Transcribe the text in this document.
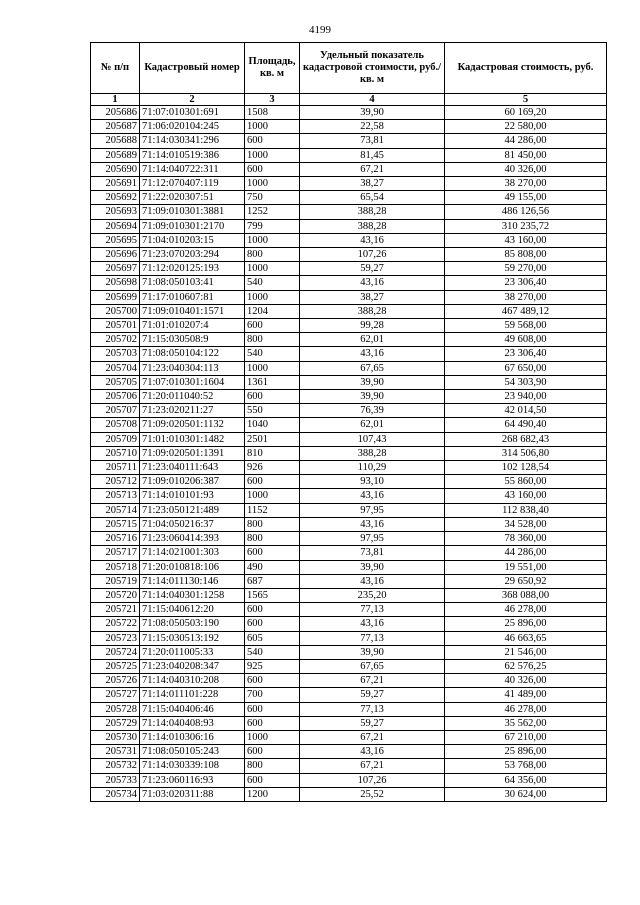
4199
№ п/п	Кадастровый номер	Площадь, кв. м	Удельный показатель кадастровой стоимости, руб./кв. м	Кадастровая стоимость, руб.
1	2	3	4	5
205686	71:07:010301:691	1508	39,90	60 169,20
205687	71:06:020104:245	1000	22,58	22 580,00
205688	71:14:030341:296	600	73,81	44 286,00
205689	71:14:010519:386	1000	81,45	81 450,00
205690	71:14:040722:311	600	67,21	40 326,00
205691	71:12:070407:119	1000	38,27	38 270,00
205692	71:22:020307:51	750	65,54	49 155,00
205693	71:09:010301:3881	1252	388,28	486 126,56
205694	71:09:010301:2170	799	388,28	310 235,72
205695	71:04:010203:15	1000	43,16	43 160,00
205696	71:23:070203:294	800	107,26	85 808,00
205697	71:12:020125:193	1000	59,27	59 270,00
205698	71:08:050103:41	540	43,16	23 306,40
205699	71:17:010607:81	1000	38,27	38 270,00
205700	71:09:010401:1571	1204	388,28	467 489,12
205701	71:01:010207:4	600	99,28	59 568,00
205702	71:15:030508:9	800	62,01	49 608,00
205703	71:08:050104:122	540	43,16	23 306,40
205704	71:23:040304:113	1000	67,65	67 650,00
205705	71:07:010301:1604	1361	39,90	54 303,90
205706	71:20:011040:52	600	39,90	23 940,00
205707	71:23:020211:27	550	76,39	42 014,50
205708	71:09:020501:1132	1040	62,01	64 490,40
205709	71:01:010301:1482	2501	107,43	268 682,43
205710	71:09:020501:1391	810	388,28	314 506,80
205711	71:23:040111:643	926	110,29	102 128,54
205712	71:09:010206:387	600	93,10	55 860,00
205713	71:14:010101:93	1000	43,16	43 160,00
205714	71:23:050121:489	1152	97,95	112 838,40
205715	71:04:050216:37	800	43,16	34 528,00
205716	71:23:060414:393	800	97,95	78 360,00
205717	71:14:021001:303	600	73,81	44 286,00
205718	71:20:010818:106	490	39,90	19 551,00
205719	71:14:011130:146	687	43,16	29 650,92
205720	71:14:040301:1258	1565	235,20	368 088,00
205721	71:15:040612:20	600	77,13	46 278,00
205722	71:08:050503:190	600	43,16	25 896,00
205723	71:15:030513:192	605	77,13	46 663,65
205724	71:20:011005:33	540	39,90	21 546,00
205725	71:23:040208:347	925	67,65	62 576,25
205726	71:14:040310:208	600	67,21	40 326,00
205727	71:14:011101:228	700	59,27	41 489,00
205728	71:15:040406:46	600	77,13	46 278,00
205729	71:14:040408:93	600	59,27	35 562,00
205730	71:14:010306:16	1000	67,21	67 210,00
205731	71:08:050105:243	600	43,16	25 896,00
205732	71:14:030339:108	800	67,21	53 768,00
205733	71:23:060116:93	600	107,26	64 356,00
205734	71:03:020311:88	1200	25,52	30 624,00
